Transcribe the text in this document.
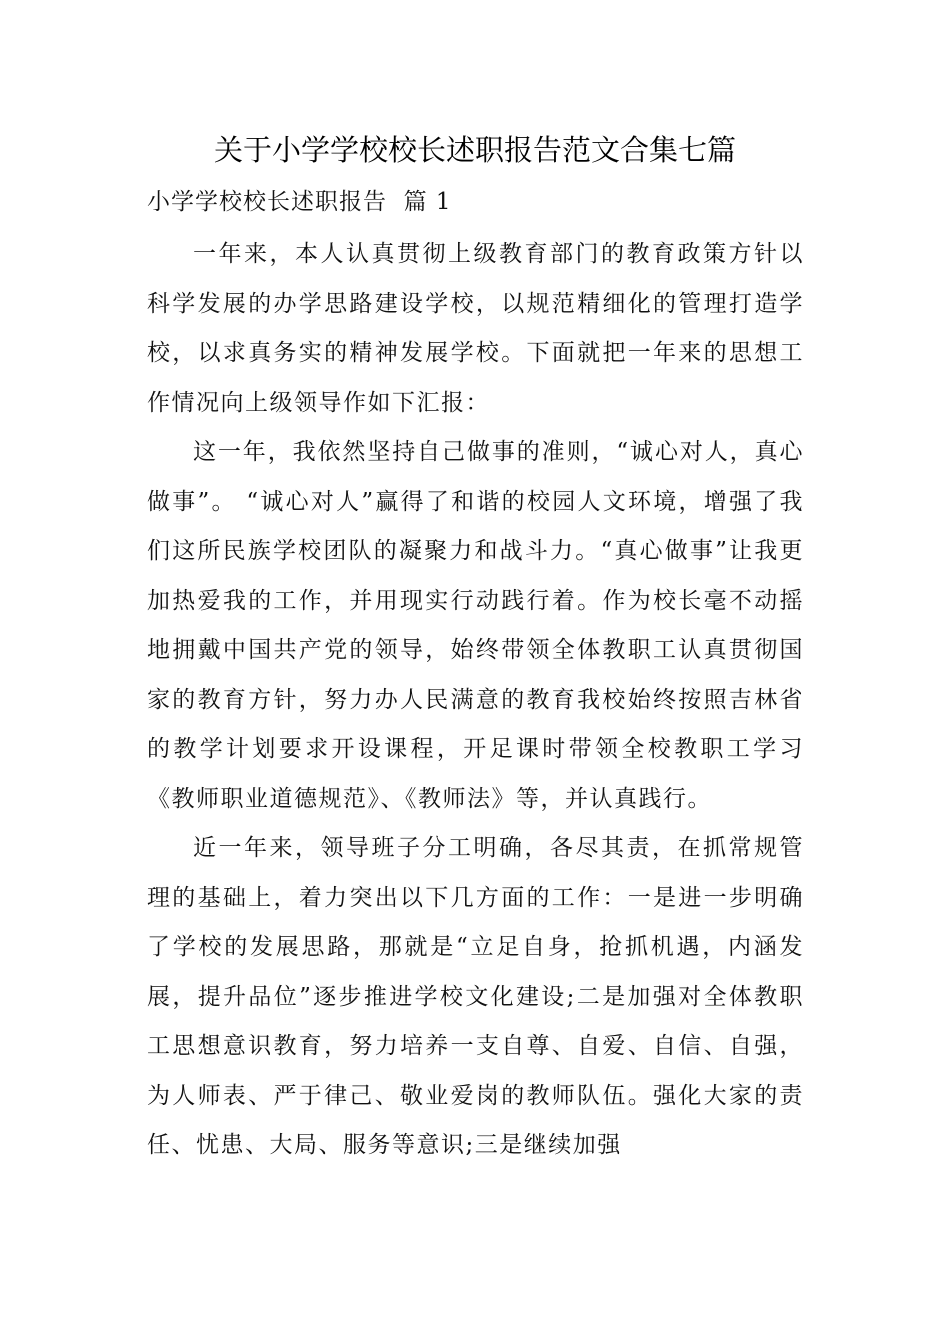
关于小学学校校长述职报告范文合集七篇
小学学校校长述职报告  篇 1

一年来，本人认真贯彻上级教育部门的教育政策方针以科学发展的办学思路建设学校，以规范精细化的管理打造学校，以求真务实的精神发展学校。下面就把一年来的思想工作情况向上级领导作如下汇报：

这一年，我依然坚持自己做事的准则，“诚心对人，真心做事”。 “诚心对人”赢得了和谐的校园人文环境，增强了我们这所民族学校团队的凝聚力和战斗力。“真心做事”让我更加热爱我的工作，并用现实行动践行着。作为校长毫不动摇地拥戴中国共产党的领导，始终带领全体教职工认真贯彻国家的教育方针，努力办人民满意的教育我校始终按照吉林省的教学计划要求开设课程，开足课时带领全校教职工学习《教师职业道德规范》、《教师法》等，并认真践行。

近一年来，领导班子分工明确，各尽其责，在抓常规管理的基础上，着力突出以下几方面的工作：一是进一步明确了学校的发展思路，那就是“立足自身，抢抓机遇，内涵发展，提升品位”逐步推进学校文化建设;二是加强对全体教职工思想意识教育，努力培养一支自尊、自爱、自信、自强，为人师表、严于律己、敬业爱岗的教师队伍。强化大家的责任、忧患、大局、服务等意识;三是继续加强
